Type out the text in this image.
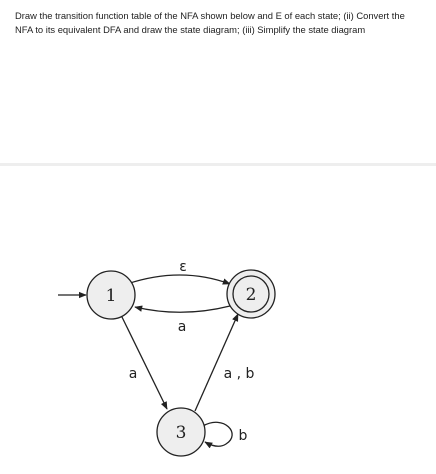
Draw the transition function table of the NFA shown below and E of each state; (ii) Convert the NFA to its equivalent DFA and draw the state diagram; (iii) Simplify the state diagram

ε
a
a	a , b
b
1	2
3
